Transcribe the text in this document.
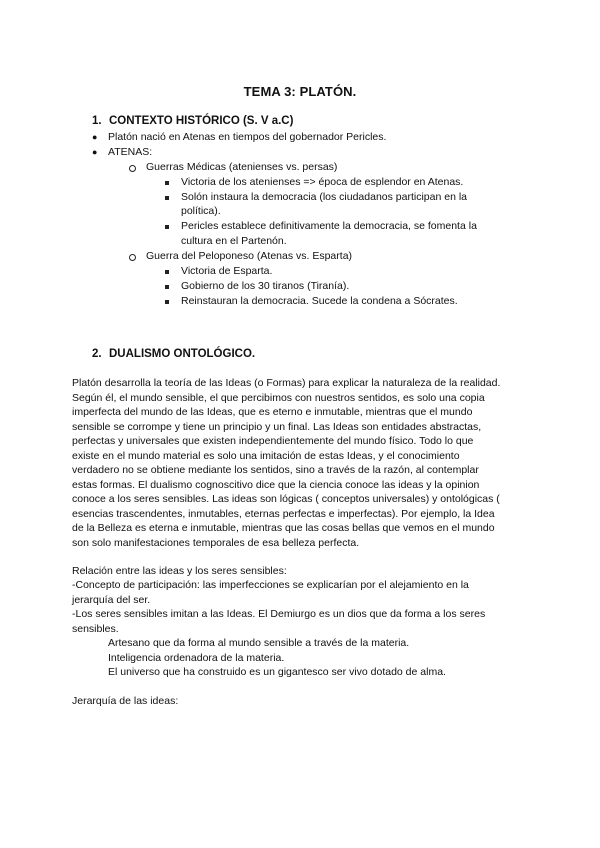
TEMA 3: PLATÓN.
1. CONTEXTO HISTÓRICO (S. V a.C)
● Platón nació en Atenas en tiempos del gobernador Pericles.
● ATENAS:
Guerras Médicas (atenienses vs. persas)
Victoria de los atenienses => época de esplendor en Atenas.
Solón instaura la democracia (los ciudadanos participan en la
política).
Pericles establece definitivamente la democracia, se fomenta la
cultura en el Partenón.
Guerra del Peloponeso (Atenas vs. Esparta)
Victoria de Esparta.
Gobierno de los 30 tiranos (Tiranía).
Reinstauran la democracia. Sucede la condena a Sócrates.
2. DUALISMO ONTOLÓGICO.
Platón desarrolla la teoría de las Ideas (o Formas) para explicar la naturaleza de la realidad.
Según él, el mundo sensible, el que percibimos con nuestros sentidos, es solo una copia
imperfecta del mundo de las Ideas, que es eterno e inmutable, mientras que el mundo
sensible se corrompe y tiene un principio y un final. Las Ideas son entidades abstractas,
perfectas y universales que existen independientemente del mundo físico. Todo lo que
existe en el mundo material es solo una imitación de estas Ideas, y el conocimiento
verdadero no se obtiene mediante los sentidos, sino a través de la razón, al contemplar
estas formas. El dualismo cognoscitivo dice que la ciencia conoce las ideas y la opinion
conoce a los seres sensibles. Las ideas son lógicas ( conceptos universales) y ontológicas (
esencias trascendentes, inmutables, eternas perfectas e imperfectas). Por ejemplo, la Idea
de la Belleza es eterna e inmutable, mientras que las cosas bellas que vemos en el mundo
son solo manifestaciones temporales de esa belleza perfecta.
Relación entre las ideas y los seres sensibles:
-Concepto de participación: las imperfecciones se explicarían por el alejamiento en la
jerarquía del ser.
-Los seres sensibles imitan a las Ideas. El Demiurgo es un dios que da forma a los seres
sensibles.
Artesano que da forma al mundo sensible a través de la materia.
Inteligencia ordenadora de la materia.
El universo que ha construido es un gigantesco ser vivo dotado de alma.
Jerarquía de las ideas:
